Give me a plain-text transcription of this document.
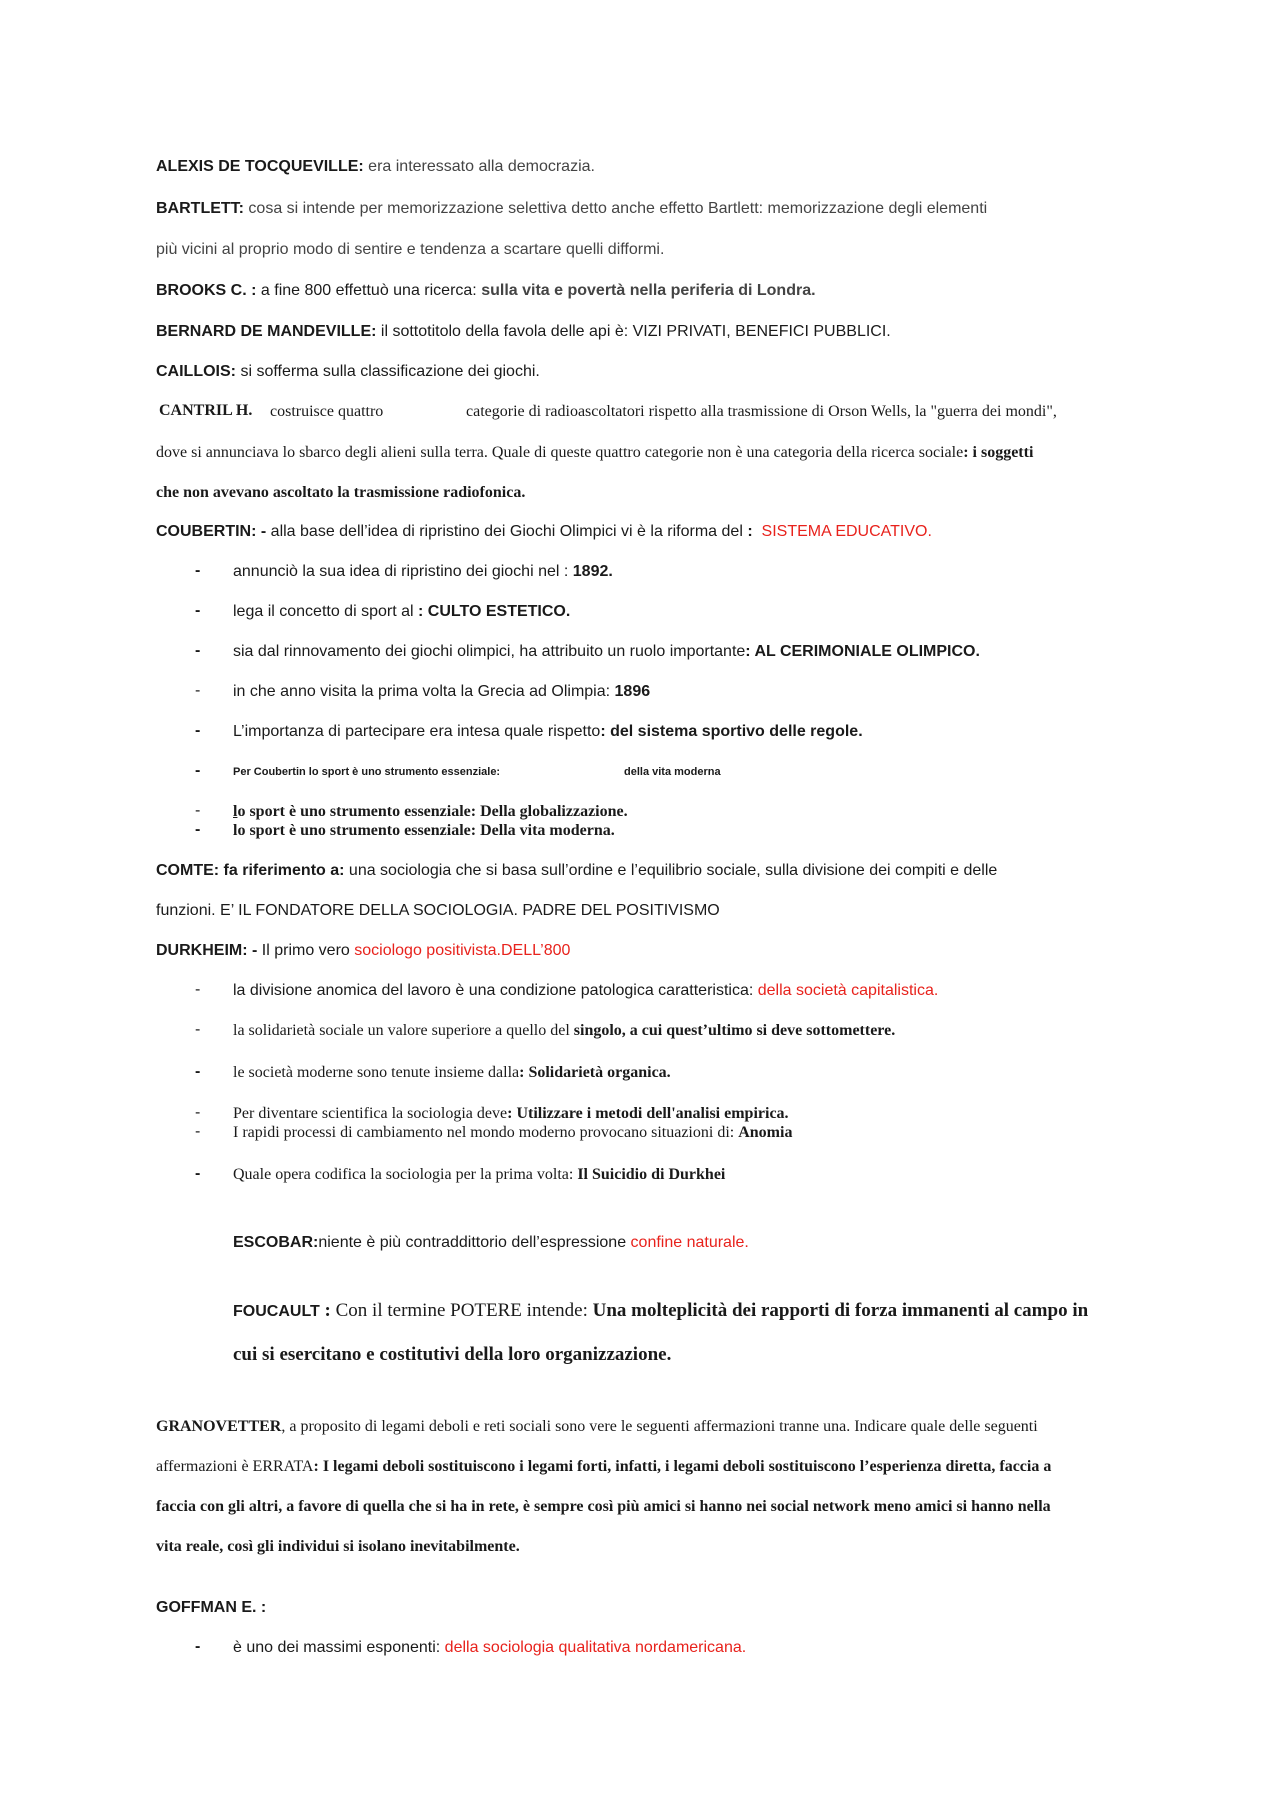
ALEXIS DE TOCQUEVILLE: era interessato alla democrazia.
BARTLETT: cosa si intende per memorizzazione selettiva detto anche effetto Bartlett: memorizzazione degli elementi
più vicini al proprio modo di sentire e tendenza a scartare quelli difformi.
BROOKS C. : a fine 800 effettuò una ricerca: sulla vita e povertà nella periferia di Londra.
BERNARD DE MANDEVILLE: il sottotitolo della favola delle api è: VIZI PRIVATI, BENEFICI PUBBLICI.
CAILLOIS: si sofferma sulla classificazione dei giochi.
CANTRIL H. costruisce quattro	categorie di radioascoltatori rispetto alla trasmissione di Orson Wells, la "guerra dei mondi",
dove si annunciava lo sbarco degli alieni sulla terra. Quale di queste quattro categorie non è una categoria della ricerca sociale: i soggetti
che non avevano ascoltato la trasmissione radiofonica.
COUBERTIN: - alla base dell’idea di ripristino dei Giochi Olimpici vi è la riforma del : SISTEMA EDUCATIVO.
- annunciò la sua idea di ripristino dei giochi nel : 1892.
- lega il concetto di sport al : CULTO ESTETICO.
- sia dal rinnovamento dei giochi olimpici, ha attribuito un ruolo importante: AL CERIMONIALE OLIMPICO.
- in che anno visita la prima volta la Grecia ad Olimpia: 1896
- L’importanza di partecipare era intesa quale rispetto: del sistema sportivo delle regole.
-	Per Coubertin lo sport è uno strumento essenziale:	della vita moderna
- lo sport è uno strumento essenziale: Della globalizzazione.
- lo sport è uno strumento essenziale: Della vita moderna.
COMTE: fa riferimento a: una sociologia che si basa sull’ordine e l’equilibrio sociale, sulla divisione dei compiti e delle
funzioni. E’ IL FONDATORE DELLA SOCIOLOGIA. PADRE DEL POSITIVISMO
DURKHEIM: - Il primo vero sociologo positivista.DELL’800
- la divisione anomica del lavoro è una condizione patologica caratteristica: della società capitalistica.
- la solidarietà sociale un valore superiore a quello del singolo, a cui quest’ultimo si deve sottomettere.
- le società moderne sono tenute insieme dalla: Solidarietà organica.
- Per diventare scientifica la sociologia deve: Utilizzare i metodi dell'analisi empirica.
- I rapidi processi di cambiamento nel mondo moderno provocano situazioni di: Anomia
- Quale opera codifica la sociologia per la prima volta: Il Suicidio di Durkhei
ESCOBAR:niente è più contraddittorio dell’espressione confine naturale.
FOUCAULT : Con il termine POTERE intende: Una molteplicità dei rapporti di forza immanenti al campo in
cui si esercitano e costitutivi della loro organizzazione.
GRANOVETTER, a proposito di legami deboli e reti sociali sono vere le seguenti affermazioni tranne una. Indicare quale delle seguenti
affermazioni è ERRATA: I legami deboli sostituiscono i legami forti, infatti, i legami deboli sostituiscono l’esperienza diretta, faccia a
faccia con gli altri, a favore di quella che si ha in rete, è sempre così più amici si hanno nei social network meno amici si hanno nella
vita reale, così gli individui si isolano inevitabilmente.
GOFFMAN E. :
- è uno dei massimi esponenti: della sociologia qualitativa nordamericana.
